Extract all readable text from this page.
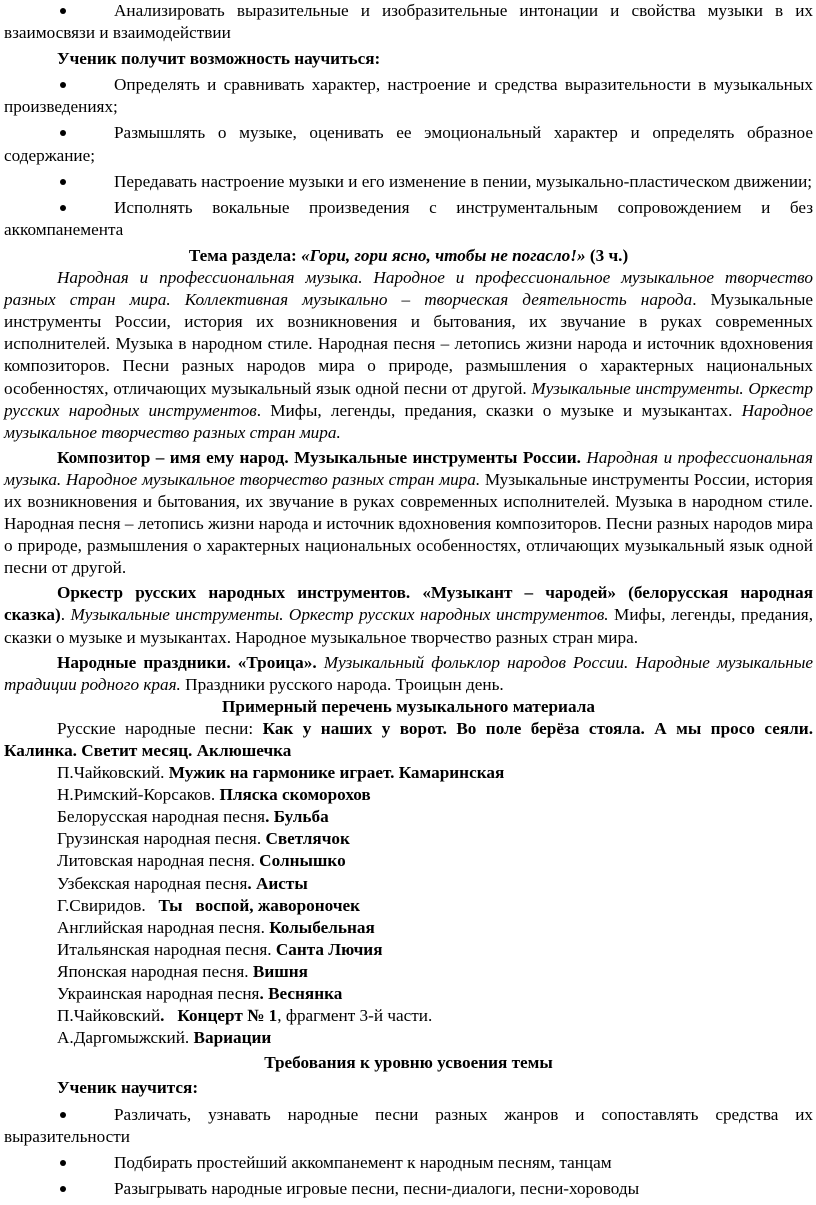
Анализировать выразительные и изобразительные интонации и свойства музыки в их взаимосвязи и взаимодействии

Ученик получит возможность научиться:

Определять и сравнивать характер, настроение и средства выразительности в музыкальных произведениях;

Размышлять о музыке, оценивать ее эмоциональный характер и определять образное содержание;

Передавать настроение музыки и его изменение в пении, музыкально-пластическом движении;

Исполнять вокальные произведения с инструментальным сопровождением и без аккомпанемента

Тема раздела: «Гори, гори ясно, чтобы не погасло!» (3 ч.)

Народная и профессиональная музыка. Народное и профессиональное музыкальное творчество разных стран мира. Коллективная музыкально – творческая деятельность народа. Музыкальные инструменты России, история их возникновения и бытования, их звучание в руках современных исполнителей. Музыка в народном стиле. Народная песня – летопись жизни народа и источник вдохновения композиторов. Песни разных народов мира о природе, размышления о характерных национальных особенностях, отличающих музыкальный язык одной песни от другой. Музыкальные инструменты. Оркестр русских народных инструментов. Мифы, легенды, предания, сказки о музыке и музыкантах. Народное музыкальное творчество разных стран мира.

Композитор – имя ему народ. Музыкальные инструменты России. Народная и профессиональная музыка. Народное музыкальное творчество разных стран мира. Музыкальные инструменты России, история их возникновения и бытования, их звучание в руках современных исполнителей. Музыка в народном стиле. Народная песня – летопись жизни народа и источник вдохновения композиторов. Песни разных народов мира о природе, размышления о характерных национальных особенностях, отличающих музыкальный язык одной песни от другой.

Оркестр русских народных инструментов. «Музыкант – чародей» (белорусская народная сказка). Музыкальные инструменты. Оркестр русских народных инструментов. Мифы, легенды, предания, сказки о музыке и музыкантах. Народное музыкальное творчество разных стран мира.

Народные праздники. «Троица». Музыкальный фольклор народов России. Народные музыкальные традиции родного края. Праздники русского народа. Троицын день.

Примерный перечень музыкального материала

Русские народные песни: Как у наших у ворот. Во поле берёза стояла. А мы просо сеяли. Калинка. Светит месяц. Аклюшечка

П.Чайковский. Мужик на гармонике играет. Камаринская

Н.Римский-Корсаков. Пляска скоморохов

Белорусская народная песня. Бульба

Грузинская народная песня. Светлячок

Литовская народная песня. Солнышко

Узбекская народная песня. Аисты

Г.Свиридов.   Ты   воспой, жавороночек

Английская народная песня. Колыбельная

Итальянская народная песня. Санта Лючия

Японская народная песня. Вишня

Украинская народная песня. Веснянка

П.Чайковский.   Концерт № 1, фрагмент 3-й части.

А.Даргомыжский. Вариации

Требования к уровню усвоения темы

Ученик научится:

Различать, узнавать народные песни разных жанров и сопоставлять средства их выразительности

Подбирать простейший аккомпанемент к народным песням, танцам

Разыгрывать народные игровые песни, песни-диалоги, песни-хороводы
